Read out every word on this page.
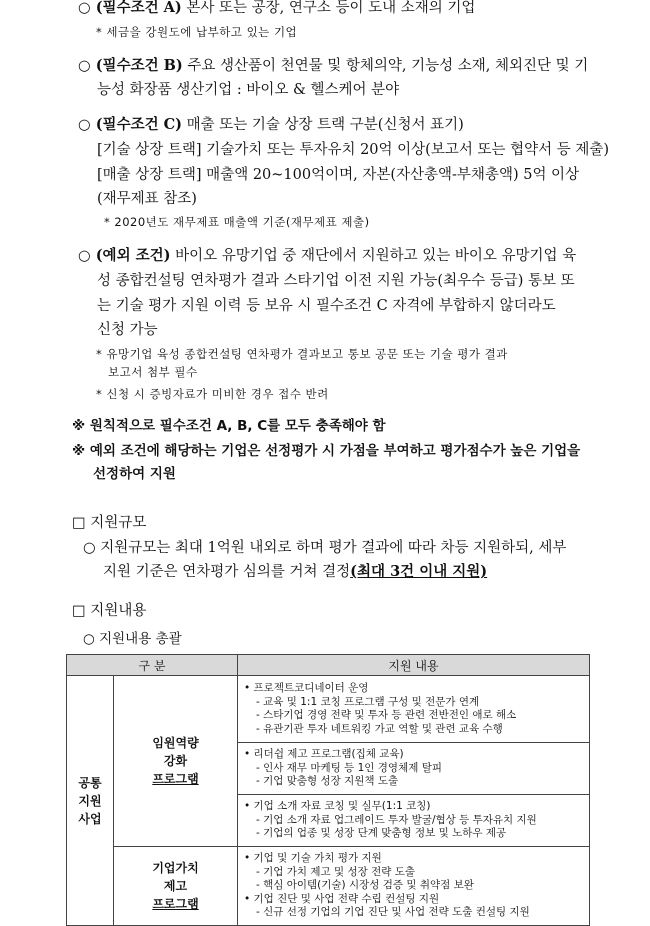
○ (필수조건 A) 본사 또는 공장, 연구소 등이 도내 소재의 기업
* 세금을 강원도에 납부하고 있는 기업
○ (필수조건 B) 주요 생산품이 천연물 및 항체의약, 기능성 소재, 체외진단 및 기
능성 화장품 생산기업 : 바이오 & 헬스케어 분야
○ (필수조건 C) 매출 또는 기술 상장 트랙 구분(신청서 표기)
[기술 상장 트랙] 기술가치 또는 투자유치 20억 이상(보고서 또는 협약서 등 제출)
[매출 상장 트랙] 매출액 20~100억이며, 자본(자산총액-부채총액) 5억 이상
(재무제표 참조)
* 2020년도 재무제표 매출액 기준(재무제표 제출)
○ (예외 조건) 바이오 유망기업 중 재단에서 지원하고 있는 바이오 유망기업 육
성 종합컨설팅 연차평가 결과 스타기업 이전 지원 가능(최우수 등급) 통보 또
는 기술 평가 지원 이력 등 보유 시 필수조건 C 자격에 부합하지 않더라도
신청 가능
* 유망기업 육성 종합컨설팅 연차평가 결과보고 통보 공문 또는 기술 평가 결과
보고서 첨부 필수
* 신청 시 증빙자료가 미비한 경우 접수 반려
※ 원칙적으로 필수조건 A, B, C를 모두 충족해야 함
※ 예외 조건에 해당하는 기업은 선정평가 시 가점을 부여하고 평가점수가 높은 기업을
선정하여 지원
□ 지원규모
○ 지원규모는 최대 1억원 내외로 하며 평가 결과에 따라 차등 지원하되, 세부
지원 기준은 연차평가 심의를 거쳐 결정(최대 3건 이내 지원)
□ 지원내용
○ 지원내용 총괄
구 분		지원 내용

공통
지원
사업	임원역량
강화
프로그램	• 프로젝트코디네이터 운영
- 교육 및 1:1 코칭 프로그램 구성 및 전문가 연계
- 스타기업 경영 전략 및 투자 등 관련 전반전인 애로 해소
- 유관기관 투자 네트워킹 가교 역할 및 관련 교육 수행

		• 리더쉽 제고 프로그램(집체 교육)
- 인사 재무 마케팅 등 1인 경영체제 탈피
- 기업 맞춤형 성장 지원책 도출

		• 기업 소개 자료 코칭 및 실무(1:1 코칭)
- 기업 소개 자료 업그레이드 투자 발굴/협상 등 투자유치 지원
- 기업의 업종 및 성장 단계 맞춤형 정보 및 노하우 제공

	기업가치
제고
프로그램	• 기업 및 기술 가치 평가 지원
- 기업 가치 제고 및 성장 전략 도출
- 핵심 아이템(기술) 시장성 검증 및 취약점 보완
• 기업 진단 및 사업 전략 수립 컨설팅 지원
- 신규 선정 기업의 기업 진단 및 사업 전략 도출 컨설팅 지원
